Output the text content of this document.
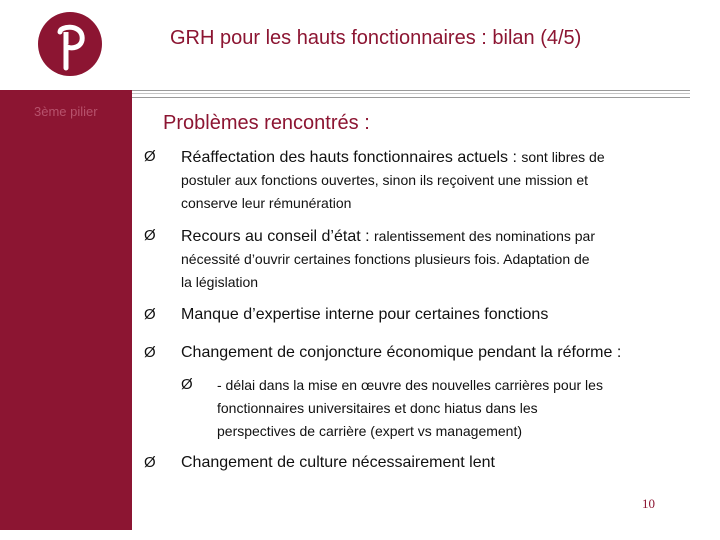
GRH pour les hauts fonctionnaires : bilan (4/5)
3ème pilier
Problèmes rencontrés :
Ø Réaffectation des hauts fonctionnaires actuels : sont libres de
postuler aux fonctions ouvertes, sinon ils reçoivent une mission et
conserve leur rémunération
Ø Recours au conseil d’état : ralentissement des nominations par
nécessité d’ouvrir certaines fonctions plusieurs fois. Adaptation de
la législation
Ø Manque d’expertise interne pour certaines fonctions
Ø Changement de conjoncture économique pendant la réforme :
Ø - délai dans la mise en œuvre des nouvelles carrières pour les
fonctionnaires universitaires et donc hiatus dans les
perspectives de carrière (expert vs management)
Ø Changement de culture nécessairement lent
10
